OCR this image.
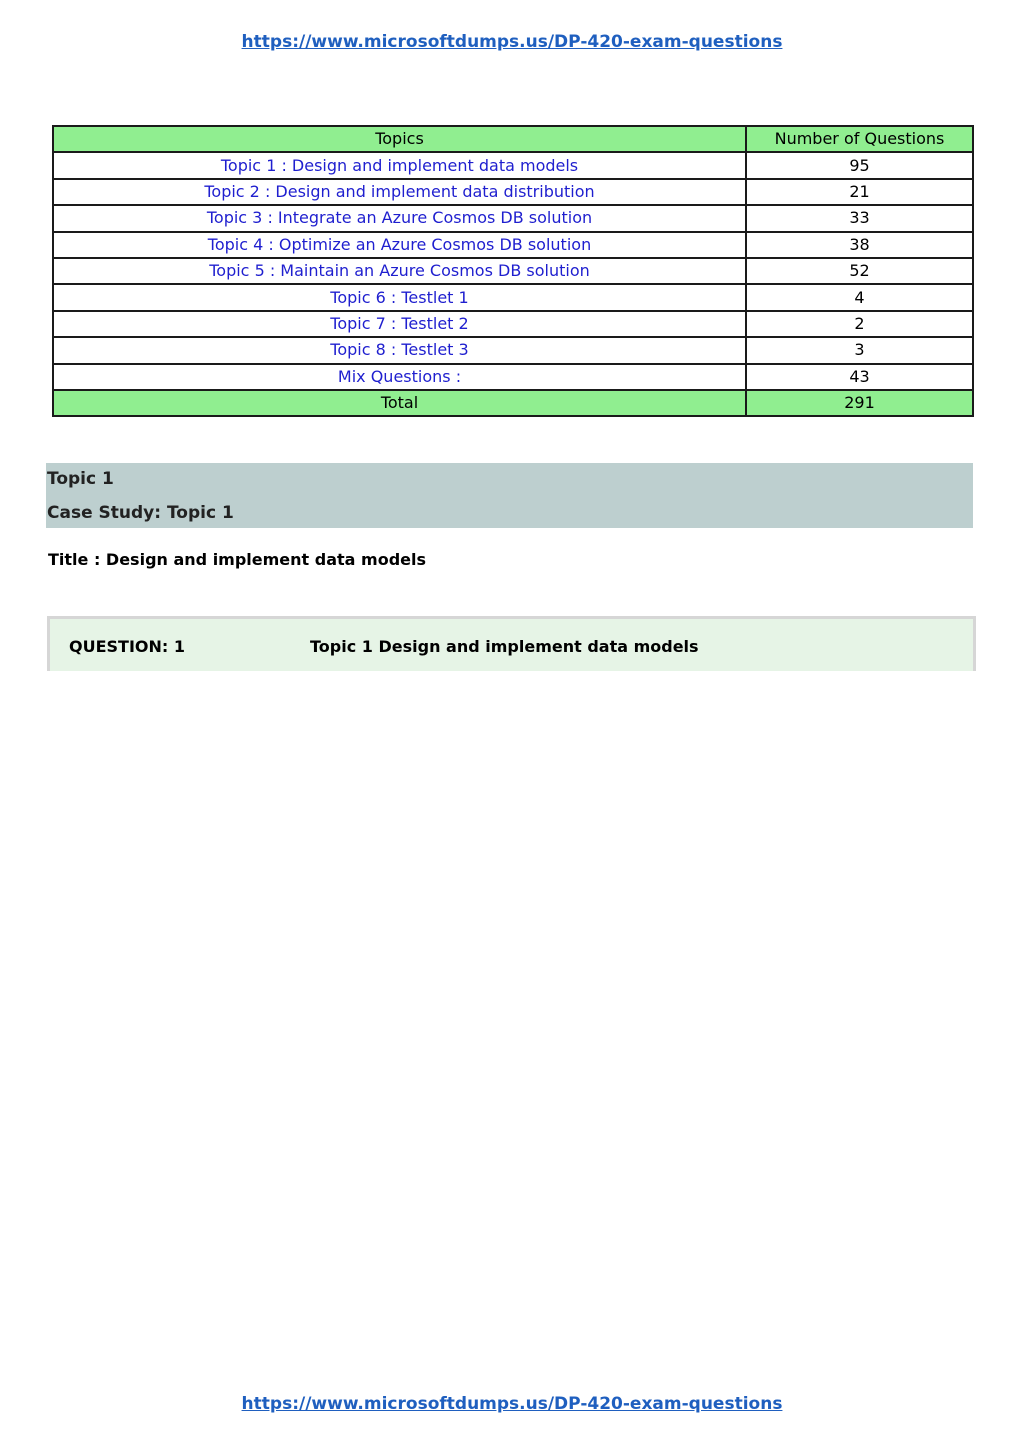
https://www.microsoftdumps.us/DP-420-exam-questions
Topics	Number of Questions
Topic 1 : Design and implement data models	95
Topic 2 : Design and implement data distribution	21
Topic 3 : Integrate an Azure Cosmos DB solution	33
Topic 4 : Optimize an Azure Cosmos DB solution	38
Topic 5 : Maintain an Azure Cosmos DB solution	52
Topic 6 : Testlet 1	4
Topic 7 : Testlet 2	2
Topic 8 : Testlet 3	3
Mix Questions :	43
Total	291
Topic 1
Case Study: Topic 1
Title : Design and implement data models
QUESTION: 1	Topic 1 Design and implement data models
https://www.microsoftdumps.us/DP-420-exam-questions
